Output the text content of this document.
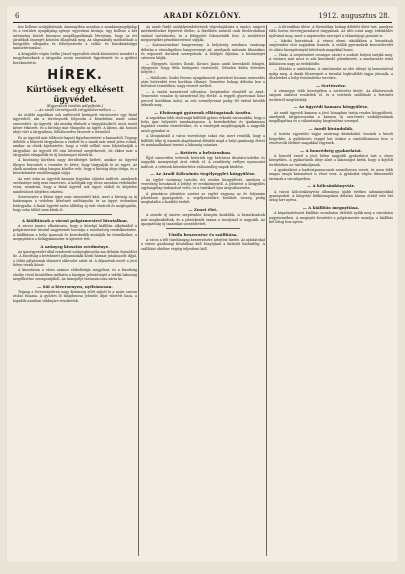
6	ARADI KÖZLÖNY.	1912. augusztus 28.

hez kellene szolgáltatniuk. Amennyiben azonban a munkásnyugdíjalap és a testületi nyugdíjalap igénye egyesíteni kívánja, úgy kellene a két intézmény között bizonyos megállapodásnak létrejönni, hogy az évi járulékok összegét közösen állapítsák meg. Az alapszabály módosítását a közgyűlés elfogadta és felterjesztette a vallás- és közoktatásügyi minisztériumhoz.

A közgyűlés végén Szőke József egyesületi elnök köszönetet mondott a megjelenteknek a tárgyalás során tanúsított figyelemért és a gyűlést berekesztette.

HÍREK.
Kürtösek egy elkésett ügyvédet.
(Egyesületi tanítás pályafutás.)
— Az aradi törvényszék tárgyalótermében —

Az utóbbi napokban sok szóbeszéd keringett városszerte egy fiatal ügyvédről, aki a törvényszék folyosóin a késedelme miatt sokat szenvedett. Az ügyvéd, aki mindig elkésett a tárgyalásokról, most ismét késve érkezett, és a bíróság már elnapolta az ügyét. A kliens, aki hosszú ideje várt a tárgyalásra, felháborodva távozott a teremből.

Ez az ügyvéd már többször kapott figyelmeztetést a kamarától. Tegnap délelőtt a büntető tárgyaláson a vádlott és a tanúk már mind jelen voltak, amikor az elnök kijelentette, hogy a védő nélkül nem folytathatják a tárgyalást. Az ügyvéd fél órai késéssel megérkezett, de ekkor már a tárgyalást elnapolták és új határnapot tűztek ki.

A közönség körében nagy derültséget keltett, amikor az ügyvéd lihegve berontott a terembe és kérte, hogy tárgyalják le az ügyet. Az elnök azonban rideg hangon közölte vele, hogy a bíróság ideje drága, és a késedelemért rendbírsággal sújtja.

Az eset után az ügyvédi kamara fegyelmi eljárást indított, amelynek eredménye még nem ismeretes. A kollégák egy része azonban védelmébe veszi, mondván, hogy a fiatal ügyvéd sok ügyet vállalt és képtelen mindenhová idejében odaérni.

Szerencsére a kliens ügye nem szenvedett kárt, mert a bíróság az új határnapon a védelem kérelmét méltányolta és az ügyet érdemben letárgyalta. A fiatal ügyvéd azóta állítólag új órát vásárolt és megfogadta, hogy soha többé nem késik el.

A kiállítások a városi polgármesteri hivatalban.

A városi tanács elhatározta, hogy a közelgő kiállítás alkalmából a polgármesteri hivatal nagytermét bocsátja a rendezőség rendelkezésére. A kiállításon a helyi iparosok és kereskedők mutatják be termékeiket, a megnyitásra a belügyminiszter is ígéretet tett.

A szőnyeg kiosztás eredménye.

Az iparegyesület által rendezett szőnyegkiosztás ma délután fejeződött be. A bizottság a beérkezett pályamunkák közül hármat jutalmazott díjjal, a többi pályázónak elismerő oklevelet adott át. A díjazottak nevét a jövő héten teszik közzé.

A kiosztáson a város számos előkelősége megjelent, és a bizottság elnöke rövid beszédben méltatta a háziipar jelentőségét a vidéki lakosság megélhetése szempontjából. Az ünnepélyt társasvacsora zárta be.

— Sőt a lóversenyen, nyilvánosan.

Tegnap a lóversenytéren nagy közönség előtt zajlott le a nyári szezon utolsó futama. A győztes ló tulajdonosa jelentős díjat vihetett haza, a fogadók azonban többnyire veszítettek.

Az aradi fürdő szabályrendeletének végrehajtására a tanács szigorú intézkedéseket léptetett életbe. A fürdőben ezentúl csak fürdőruhában szabad tartózkodni, és a felügyelet fokozottabb lesz. A rendeletet megszegőket pénzbüntetéssel sújtják.

— Katonazenekari hangverseny. A helyőrség zenekara vasárnap délután a városligetben hangversenyt ad, amelynek műsorán klasszikus és népszerű darabok szerepelnek. A belépés díjtalan, a közönséget szívesen látják.

— Eljegyzés. Kovács Ilonát, Kovács János aradi kereskedő leányát, eljegyezte Nagy Béla budapesti tisztviselő. (Minden külön értesítés helyett.)

— Halálozás. Szabó Ferenc nyugalmazott postatiszt hosszas szenvedés után hetvenkét éves korában elhunyt. Temetése holnap délután lesz a belvárosi temetőben, nagy részvét mellett.

— A vasúti menetrend változása. Szeptember elsejétől az Arad–Temesvári vonalon új menetrend lép életbe. A reggeli gyorsvonat húsz perccel korábban indul, az esti személyvonat pedig fél órával később érkezik meg.

— Elsőrangú gyárosok ellátogatnak Aradra.

A napokban több elsőrangú külföldi gyáros érkezik városunkba, hogy a helyi ipar helyzetét tanulmányozza. A kereskedelmi és iparkamara fogadást rendez tiszteletükre, és a vendégek meglátogatják a nagyobb aradi gyárakat is.

A látogatástól a város vezetősége sokat vár, mert remélik, hogy a külföldi tőke új üzemek alapításával élénkíti majd a helyi gazdasági életet és munkaalkalmat teremt a lakosság számára.

— Betörés a belvárosban.

Éjjel ismeretlen tettesek betörtek egy belvárosi divatáru-üzletbe és nagyobb mennyiségű árut vittek el. A rendőrség erélyes nyomozást indított, a tettesek kézrekerítése valószínűleg napok kérdése.

— Az Aradi Kölcsönös Segélyegylet közgyűlése.

Az egylet vasárnap tartotta évi rendes közgyűlését, amelyen a vezetőség beszámolt a lefolyt év eredményeiről. A jelentést a közgyűlés egyhangúlag tudomásul vette, és a tisztikart újra megválasztotta.

A pénztáros jelentése szerint az egylet vagyona az év folyamán jelentősen gyarapodott, a segélyezésekre fordított összeg pedig meghaladta a korábbi évekét.

— Zenei élet.

A zenede új tanéve szeptember közepén kezdődik. A beiratkozások már megkezdődtek, és a jelentkezők száma a tavalyinál is nagyobb. Az igazgatóság új tanárokat szerződtetett.

Tűzifa beszerzése és szállítása.

A város a téli tüzelőanyag beszerzésére árlejtést hirdet. Az ajánlatokat a városi gazdasági hivatalban kell benyújtani a kitűzött határidőig. A szállítást október végéig teljesíteni kell.

— A főrendiház ülése. A főrendiház holnap délelőtt ülést tart, amelyen több fontos törvényjavaslatot tárgyalnak. Az ülés iránt nagy érdeklődés nyilvánul meg, mert a napirenden szerepel a választójogi javaslat is.

— Iskolai beiratások. A városi elemi iskolákban a beiratások szeptember első napjaiban lesznek. A szülők gyermekeik keresztlevelét és oltási bizonyítványát kötelesek magukkal hozni.

— Vásár. A szeptemberi országos vásárt a szokott helyen tartják meg. A vásárra már most is sok kereskedő jelentkezett, a marhavásár iránt különösen nagy az érdeklődés.

— Előadás a színházban. A színtársulat az idei idényt új bemutatóval nyitja meg. A darab főszerepeit a társulat legkiválóbb tagjai játsszák, a díszleteket a helyi festőművész tervezte.

— Sertésvész.

A vármegye több községében a sertésvész kitört. Az állatorvosok szigorú zárlatot rendeltek el, és a sertések szállítását a fertőzött területről megtiltották.

— Az ügyvédi kamara közgyűlése.

Az aradi ügyvédi kamara a jövő hónapban tartja rendes közgyűlését, amelynek tárgysorozatán a kamara új szervezeti szabályzatának megállapítása és a választmány kiegészítése szerepel.

— Aradi kirándulók.

A turista egyesület tagjai vasárnap kirándulást tesznek a közeli hegyekbe. A gyülekezés reggel hat órakor a vasútállomáson lesz, a résztvevők élelmet magukkal vigyenek.

— A honvédség gyakorlatai.

A honvéd ezred a jövő héten nagyobb gyakorlatot tart a város környékén. A gyakorlatok ideje alatt a lakosságot kérik, hogy a kijelölt területeken ne tartózkodjanak.

A gyakorlatot a hadtestparancsnok személyesen vezeti, és azon több magas rangú katonatiszt is részt vesz. A gyakorlat végén díszszemlét tartanak a városligetben.

— A kölcsönkönyvtár.

A városi kölcsönkönyvtár állománya újabb értékes adományokkal gyarapodott. A könyvtár hétköznapokon délután három órától este hét óráig tart nyitva.

— A kiállítás megnyitása.

A képzőművészeti kiállítás szombaton délelőtt nyílik meg a városháza nagytermében. A megnyitó beszédet a polgármester mondja, a kiállítás két hétig lesz nyitva.
